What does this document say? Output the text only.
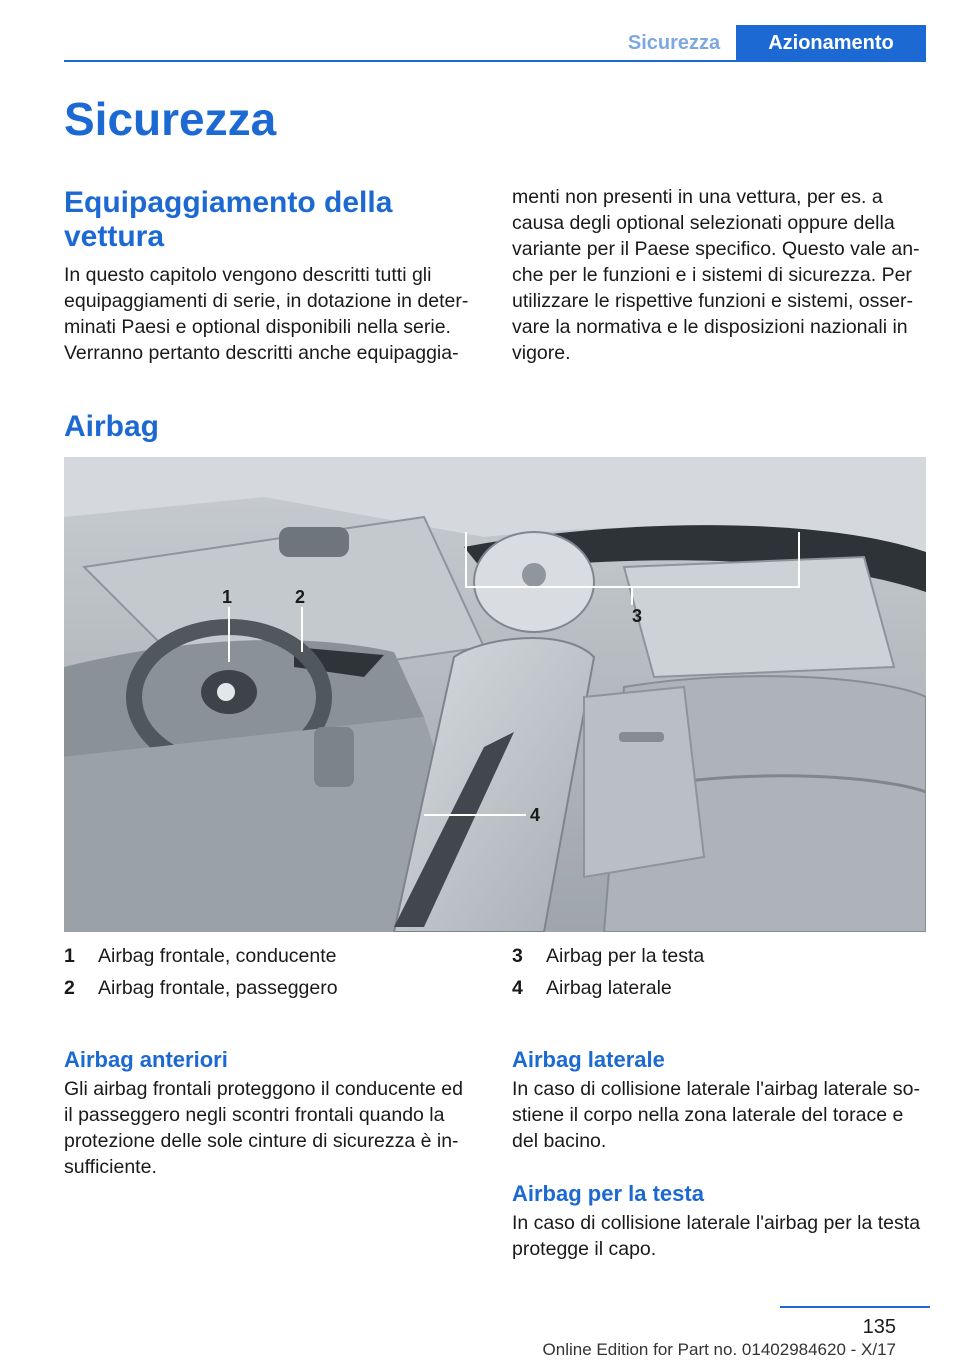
Sicurezza	Azionamento
Sicurezza
Equipaggiamento della
vettura

In questo capitolo vengono descritti tutti gli
equipaggiamenti di serie, in dotazione in deter-
minati Paesi e optional disponibili nella serie.
Verranno pertanto descritti anche equipaggia-

menti non presenti in una vettura, per es. a
causa degli optional selezionati oppure della
variante per il Paese specifico. Questo vale an-
che per le funzioni e i sistemi di sicurezza. Per
utilizzare le rispettive funzioni e sistemi, osser-
vare la normativa e le disposizioni nazionali in
vigore.

Airbag
1	2
3
4
1 Airbag frontale, conducente
2 Airbag frontale, passeggero
3 Airbag per la testa
4 Airbag laterale
Airbag anteriori

Gli airbag frontali proteggono il conducente ed
il passeggero negli scontri frontali quando la
protezione delle sole cinture di sicurezza è in-
sufficiente.

Airbag laterale

In caso di collisione laterale l'airbag laterale so-
stiene il corpo nella zona laterale del torace e
del bacino.

Airbag per la testa

In caso di collisione laterale l'airbag per la testa
protegge il capo.

135
Online Edition for Part no. 01402984620 - X/17
